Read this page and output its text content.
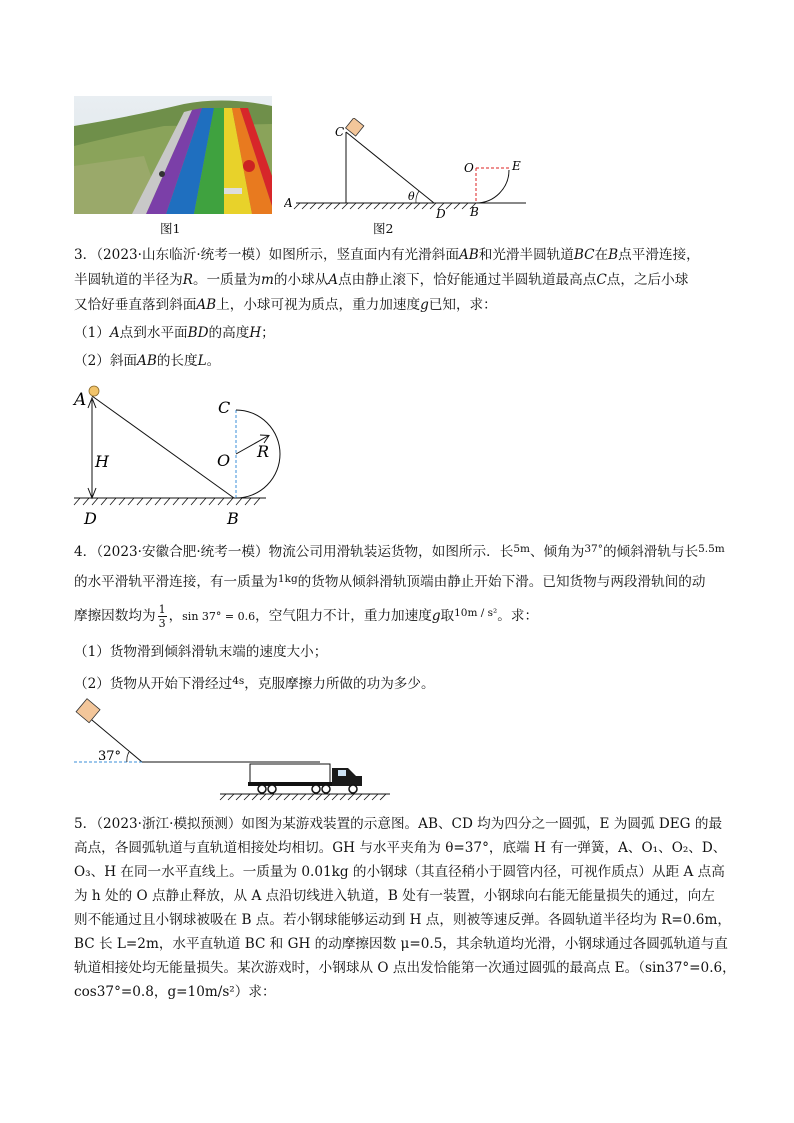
图1
C
A	θ
D B
O	E
图2
3．（2023·山东临沂·统考一模）如图所示，竖直面内有光滑斜面AB和光滑半圆轨道BC在B点平滑连接，
半圆轨道的半径为R。一质量为m的小球从A点由静止滚下，恰好能通过半圆轨道最高点C点，之后小球
又恰好垂直落到斜面AB上，小球可视为质点，重力加速度g已知，求：
（1）A点到水平面BD的高度H；
（2）斜面AB的长度L。
A
H
D	B
C
O R
4．（2023·安徽合肥·统考一模）物流公司用滑轨装运货物，如图所示．长$^{5m}$、倾角为$^{37^\circ}$的倾斜滑轨与长$^{5.5m}$
的水平滑轨平滑连接，有一质量为$^{1kg}$的货物从倾斜滑轨顶端由静止开始下滑。已知货物与两段滑轨间的动
摩擦因数均为 $\frac{1}{3}$ ，sin 37° = 0.6，空气阻力不计，重力加速度g取$^{10m / s^2}$。求：
（1）货物滑到倾斜滑轨末端的速度大小；
（2）货物从开始下滑经过$^{4s}$，克服摩擦力所做的功为多少。
37°
5．（2023·浙江·模拟预测）如图为某游戏装置的示意图。AB、CD 均为四分之一圆弧，E 为圆弧 DEG 的最
高点，各圆弧轨道与直轨道相接处均相切。GH 与水平夹角为 θ=37°，底端 H 有一弹簧，A、O₁、O₂、D、
O₃、H 在同一水平直线上。一质量为 0.01kg 的小钢球（其直径稍小于圆管内径，可视作质点）从距 A 点高
为 h 处的 O 点静止释放，从 A 点沿切线进入轨道，B 处有一装置，小钢球向右能无能量损失的通过，向左
则不能通过且小钢球被吸在 B 点。若小钢球能够运动到 H 点，则被等速反弹。各圆轨道半径均为 R=0.6m，
BC 长 L=2m，水平直轨道 BC 和 GH 的动摩擦因数 μ=0.5，其余轨道均光滑，小钢球通过各圆弧轨道与直
轨道相接处均无能量损失。某次游戏时，小钢球从 O 点出发恰能第一次通过圆弧的最高点 E。（sin37°=0.6，
cos37°=0.8，g=10m/s²）求：
